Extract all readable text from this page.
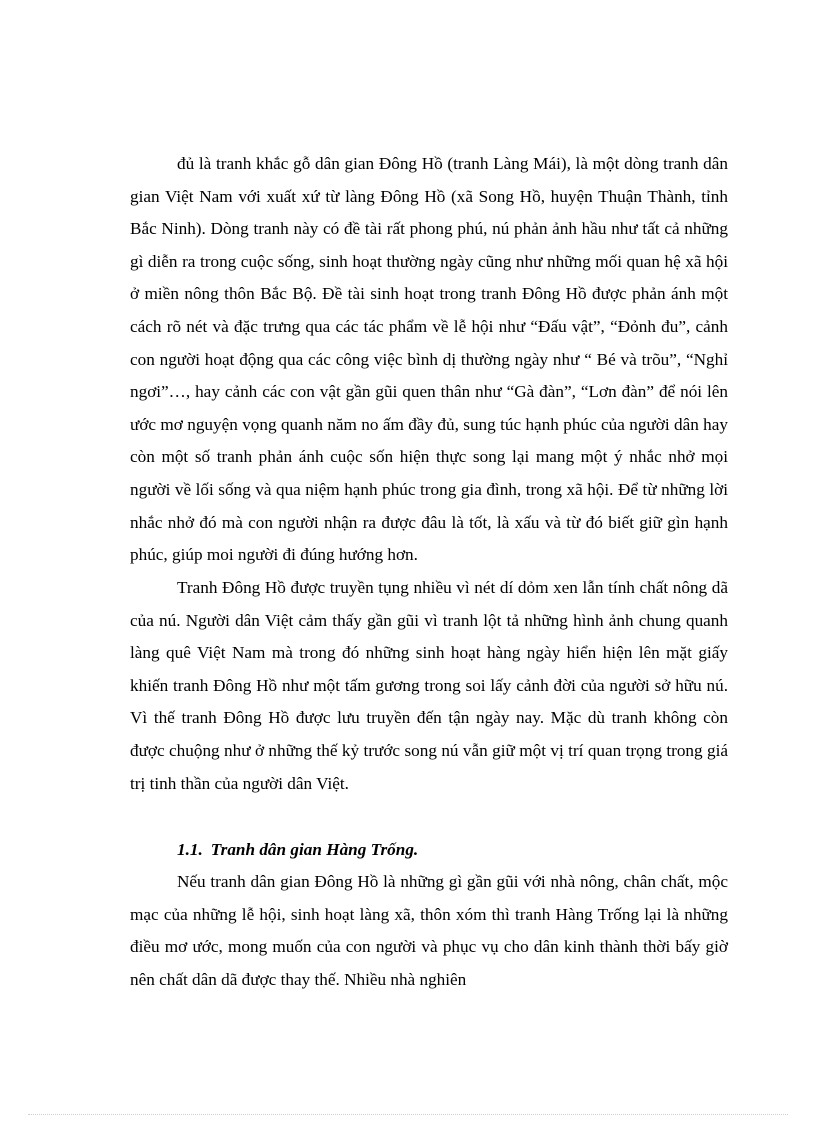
đủ là tranh khắc gỗ dân gian Đông Hồ (tranh Làng Mái), là một dòng tranh dân gian Việt Nam với xuất xứ từ làng Đông Hồ (xã Song Hồ, huyện Thuận Thành, tỉnh Bắc Ninh). Dòng tranh này có đề tài rất phong phú, nú phản ảnh hầu như tất cả những gì diễn ra trong cuộc sống, sinh hoạt thường ngày cũng như những mối quan hệ xã hội ở miền nông thôn Bắc Bộ. Đề tài sinh hoạt trong tranh Đông Hồ được phản ánh một cách rõ nét và đặc trưng qua các tác phẩm về lễ hội như “Đấu vật”, “Đỏnh đu”, cảnh con người hoạt động qua các công việc bình dị thường ngày như “ Bé và trõu”, “Nghỉ ngơi”…, hay cảnh các con vật gần gũi quen thân như “Gà đàn”, “Lơn đàn” để nói lên ước mơ nguyện vọng quanh năm no ấm đầy đủ, sung túc hạnh phúc của người dân hay còn một số tranh phản ánh cuộc sốn hiện thực song lại mang một ý nhắc nhở mọi người về lối sống và qua niệm hạnh phúc trong gia đình, trong xã hội. Để từ những lời nhắc nhở đó mà con người nhận ra được đâu là tốt, là xấu và từ đó biết giữ gìn hạnh phúc, giúp moi người đi đúng hướng hơn.

Tranh Đông Hồ được truyền tụng nhiều vì nét dí dỏm xen lẫn tính chất nông dã của nú. Người dân Việt cảm thấy gần gũi vì tranh lột tả những hình ảnh chung quanh làng quê Việt Nam mà trong đó những sinh hoạt hàng ngày hiển hiện lên mặt giấy khiến tranh Đông Hồ như một tấm gương trong soi lấy cảnh đời của người sở hữu nú. Vì thế tranh Đông Hồ được lưu truyền đến tận ngày nay. Mặc dù tranh không còn được chuộng như ở những thế kỷ trước song nú vẫn giữ một vị trí quan trọng trong giá trị tinh thần của người dân Việt.

1.1. Tranh dân gian Hàng Trống.

Nếu tranh dân gian Đông Hồ là những gì gần gũi với nhà nông, chân chất, mộc mạc của những lễ hội, sinh hoạt làng xã, thôn xóm thì tranh Hàng Trống lại là những điều mơ ước, mong muốn của con người và phục vụ cho dân kinh thành thời bấy giờ nên chất dân dã được thay thế. Nhiều nhà nghiên
